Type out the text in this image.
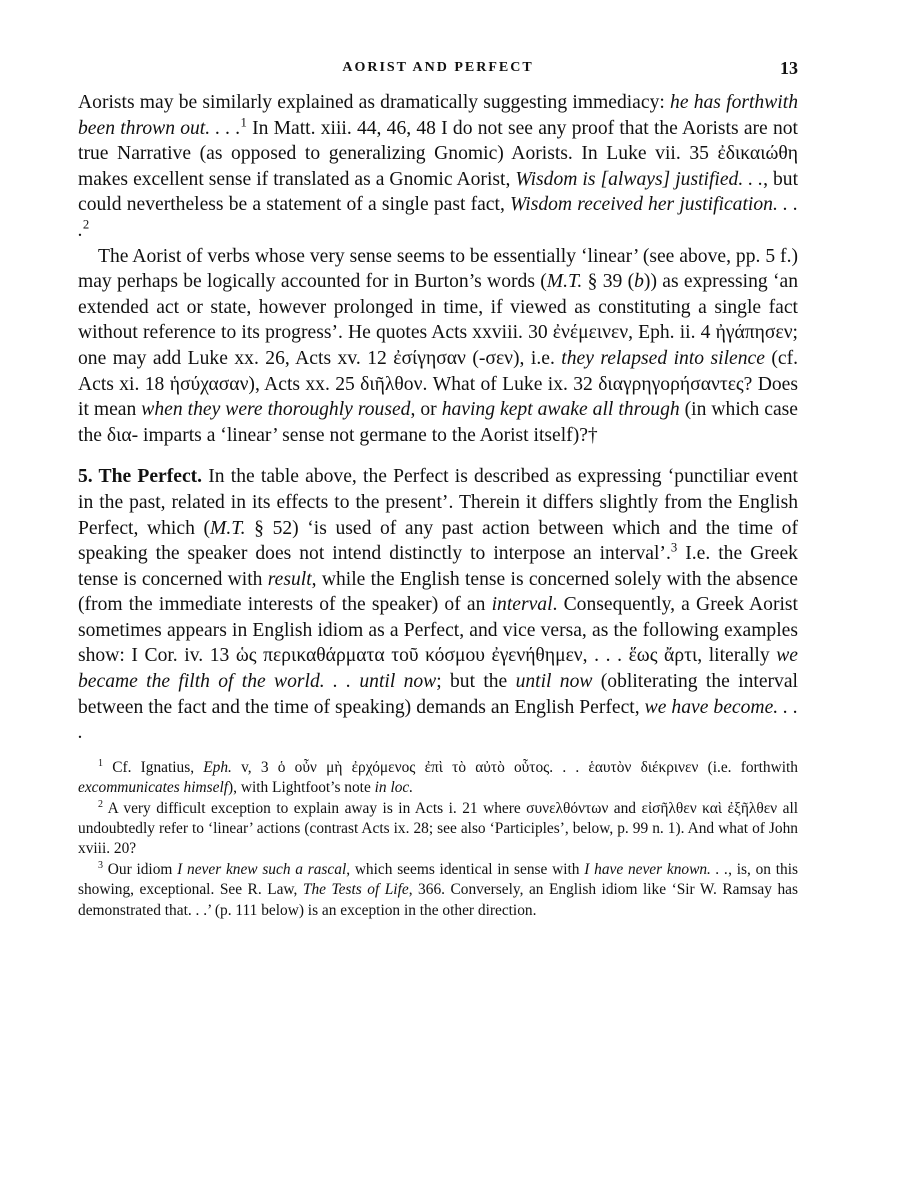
AORIST AND PERFECT	13

Aorists may be similarly explained as dramatically suggesting immediacy: he has forthwith been thrown out. . . .$^1$ In Matt. xiii. 44, 46, 48 I do not see any proof that the Aorists are not true Narrative (as opposed to generalizing Gnomic) Aorists. In Luke vii. 35 ἐδικαιώθη makes excellent sense if translated as a Gnomic Aorist, Wisdom is [always] justified. . ., but could nevertheless be a statement of a single past fact, Wisdom received her justification. . . .$^2$

The Aorist of verbs whose very sense seems to be essentially ‘linear’ (see above, pp. 5 f.) may perhaps be logically accounted for in Burton’s words (M.T. § 39 (b)) as expressing ‘an extended act or state, however prolonged in time, if viewed as constituting a single fact without reference to its progress’. He quotes Acts xxviii. 30 ἐνέμεινεν, Eph. ii. 4 ἠγάπησεν; one may add Luke xx. 26, Acts xv. 12 ἐσίγησαν (-σεν), i.e. they relapsed into silence (cf. Acts xi. 18 ἡσύχασαν), Acts xx. 25 διῆλθον. What of Luke ix. 32 διαγρηγορήσαντες? Does it mean when they were thoroughly roused, or having kept awake all through (in which case the δια- imparts a ‘linear’ sense not germane to the Aorist itself)?†

5. The Perfect. In the table above, the Perfect is described as expressing ‘punctiliar event in the past, related in its effects to the present’. Therein it differs slightly from the English Perfect, which (M.T. § 52) ‘is used of any past action between which and the time of speaking the speaker does not intend distinctly to interpose an interval’.$^3$ I.e. the Greek tense is concerned with result, while the English tense is concerned solely with the absence (from the immediate interests of the speaker) of an interval. Consequently, a Greek Aorist sometimes appears in English idiom as a Perfect, and vice versa, as the following examples show: I Cor. iv. 13 ὡς περικαθάρματα τοῦ κόσμου ἐγενήθημεν, . . . ἕως ἄρτι, literally we became the filth of the world. . . until now; but the until now (obliterating the interval between the fact and the time of speaking) demands an English Perfect, we have become. . . .

$^1$ Cf. Ignatius, Eph. v, 3 ὁ οὖν μὴ ἐρχόμενος ἐπὶ τὸ αὐτὸ οὗτος. . . ἑαυτὸν διέκρινεν (i.e. forthwith excommunicates himself), with Lightfoot’s note in loc.

$^2$ A very difficult exception to explain away is in Acts i. 21 where συνελθόντων and εἰσῆλθεν καὶ ἐξῆλθεν all undoubtedly refer to ‘linear’ actions (contrast Acts ix. 28; see also ‘Participles’, below, p. 99 n. 1). And what of John xviii. 20?

$^3$ Our idiom I never knew such a rascal, which seems identical in sense with I have never known. . ., is, on this showing, exceptional. See R. Law, The Tests of Life, 366. Conversely, an English idiom like ‘Sir W. Ramsay has demonstrated that. . .’ (p. 111 below) is an exception in the other direction.
